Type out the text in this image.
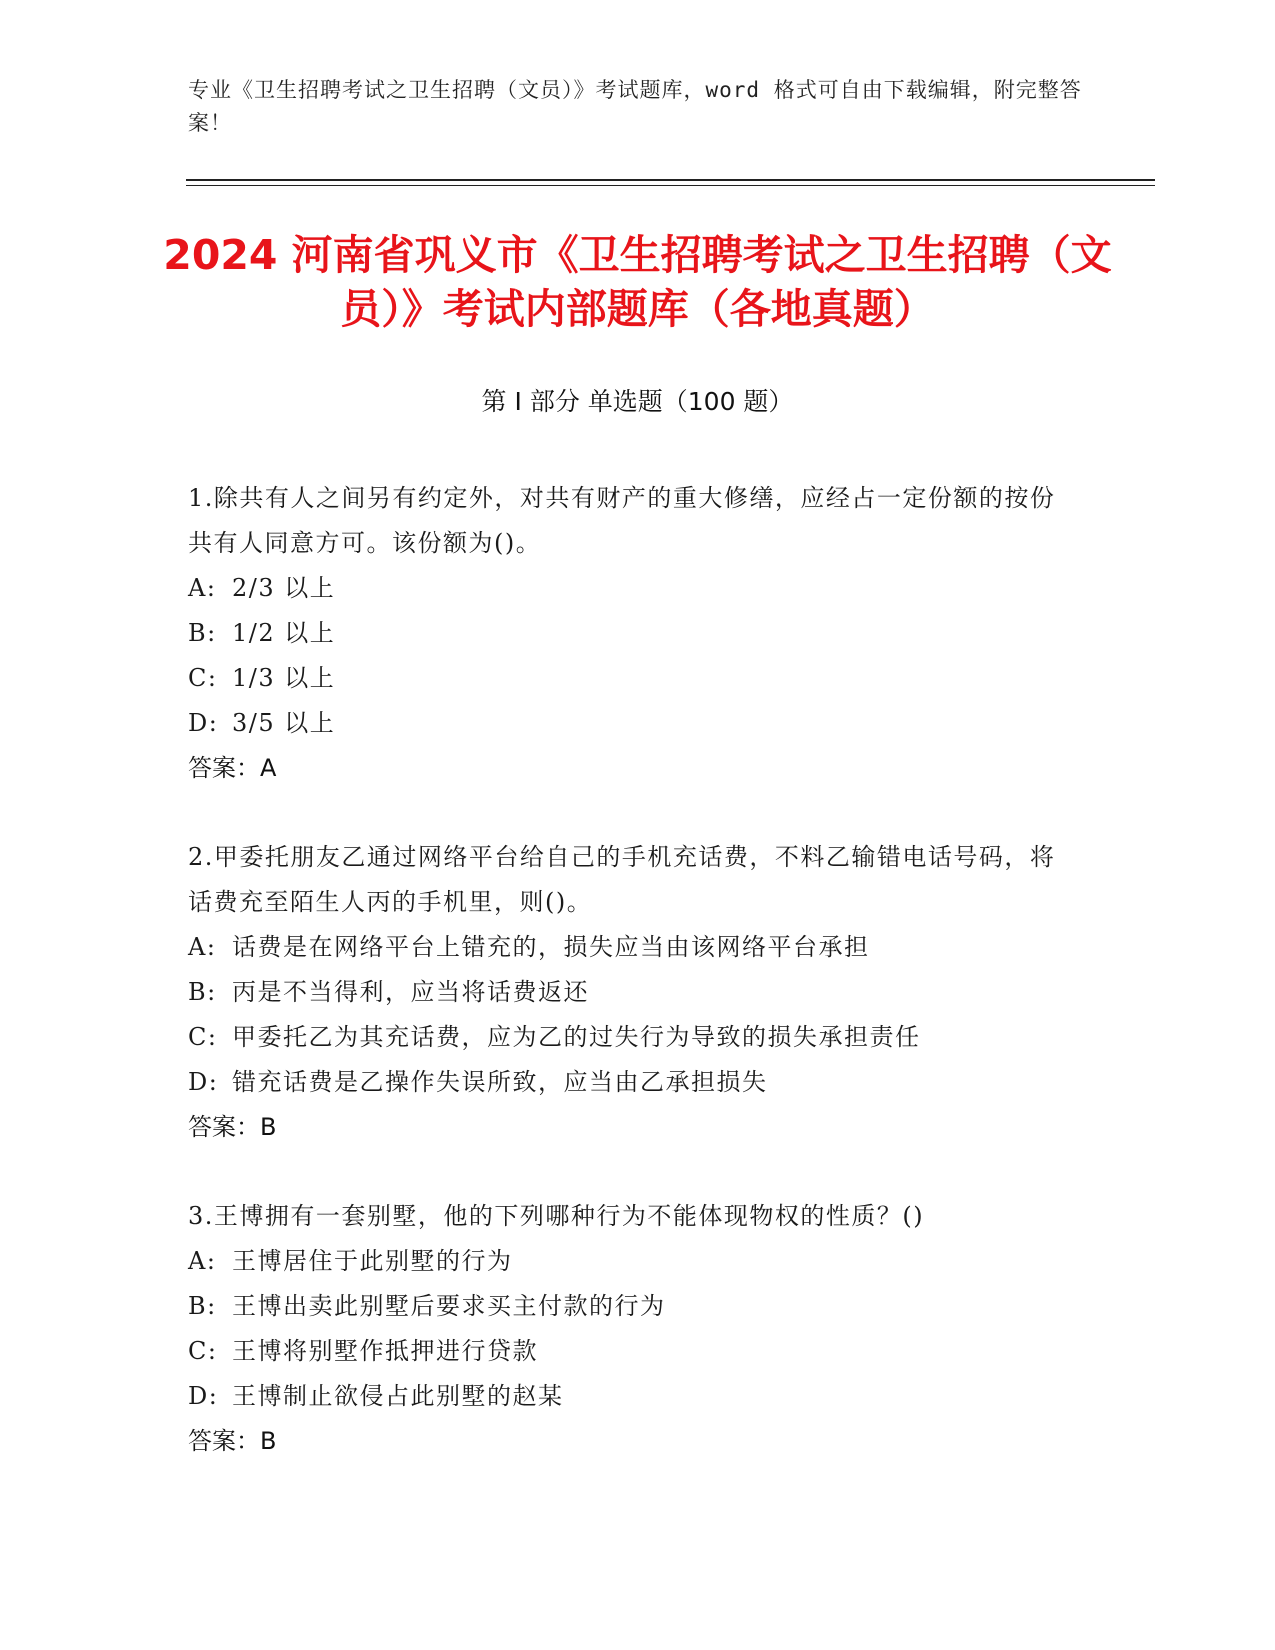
专业《卫生招聘考试之卫生招聘（文员）》考试题库，word 格式可自由下载编辑，附完整答案！
2024 河南省巩义市《卫生招聘考试之卫生招聘（文员）》考试内部题库（各地真题）
第 I 部分 单选题（100 题）

1.除共有人之间另有约定外，对共有财产的重大修缮，应经占一定份额的按份共有人同意方可。该份额为()。

A: 2/3 以上

B: 1/2 以上

C: 1/3 以上

D: 3/5 以上

答案：A

2.甲委托朋友乙通过网络平台给自己的手机充话费，不料乙输错电话号码，将话费充至陌生人丙的手机里，则()。

A: 话费是在网络平台上错充的，损失应当由该网络平台承担

B: 丙是不当得利，应当将话费返还

C: 甲委托乙为其充话费，应为乙的过失行为导致的损失承担责任

D: 错充话费是乙操作失误所致，应当由乙承担损失

答案：B

3.王博拥有一套别墅，他的下列哪种行为不能体现物权的性质？()

A: 王博居住于此别墅的行为

B: 王博出卖此别墅后要求买主付款的行为

C: 王博将别墅作抵押进行贷款

D: 王博制止欲侵占此别墅的赵某

答案：B
